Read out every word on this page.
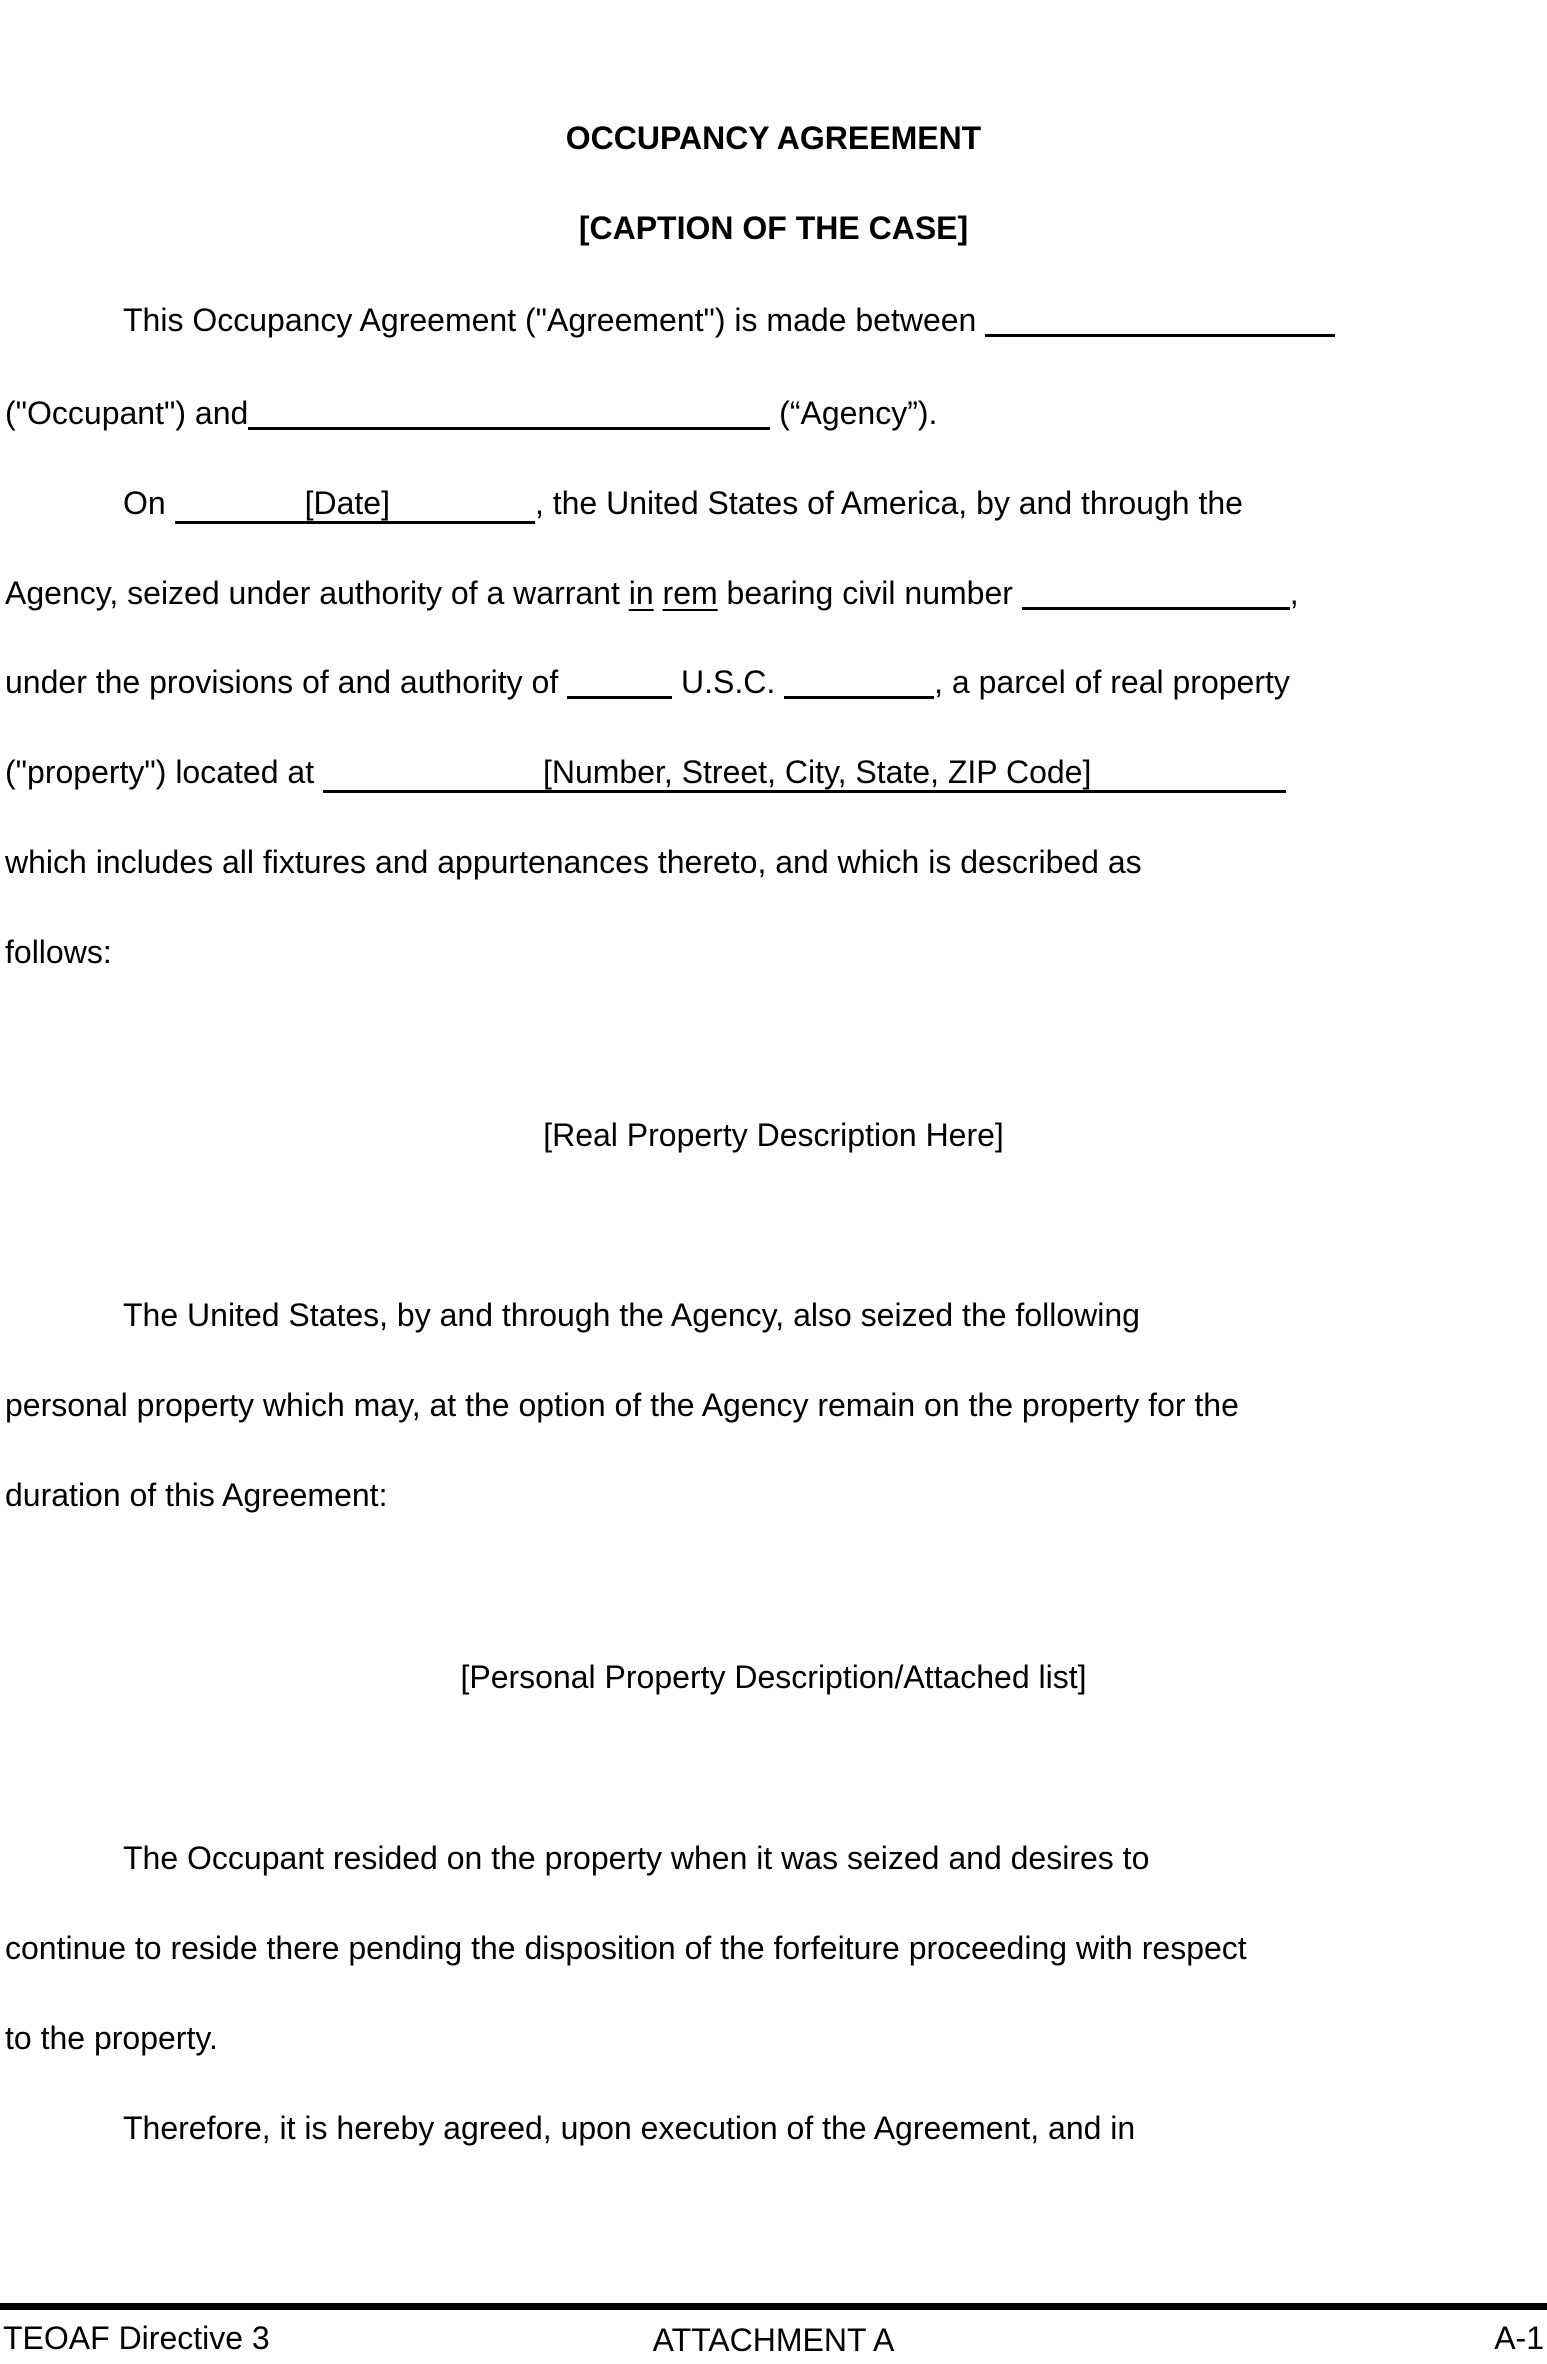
OCCUPANCY AGREEMENT
[CAPTION OF THE CASE]
This Occupancy Agreement ("Agreement") is made between
("Occupant") and	(“Agency”).
On	[Date]	, the United States of America, by and through the
Agency, seized under authority of a warrant in rem bearing civil number	,
under the provisions of and authority of	U.S.C.	, a parcel of real property
("property") located at	[Number, Street, City, State, ZIP Code]
which includes all fixtures and appurtenances thereto, and which is described as
follows:
[Real Property Description Here]
The United States, by and through the Agency, also seized the following
personal property which may, at the option of the Agency remain on the property for the
duration of this Agreement:
[Personal Property Description/Attached list]
The Occupant resided on the property when it was seized and desires to
continue to reside there pending the disposition of the forfeiture proceeding with respect
to the property.
Therefore, it is hereby agreed, upon execution of the Agreement, and in
TEOAF Directive 3	ATTACHMENT A	A-1
